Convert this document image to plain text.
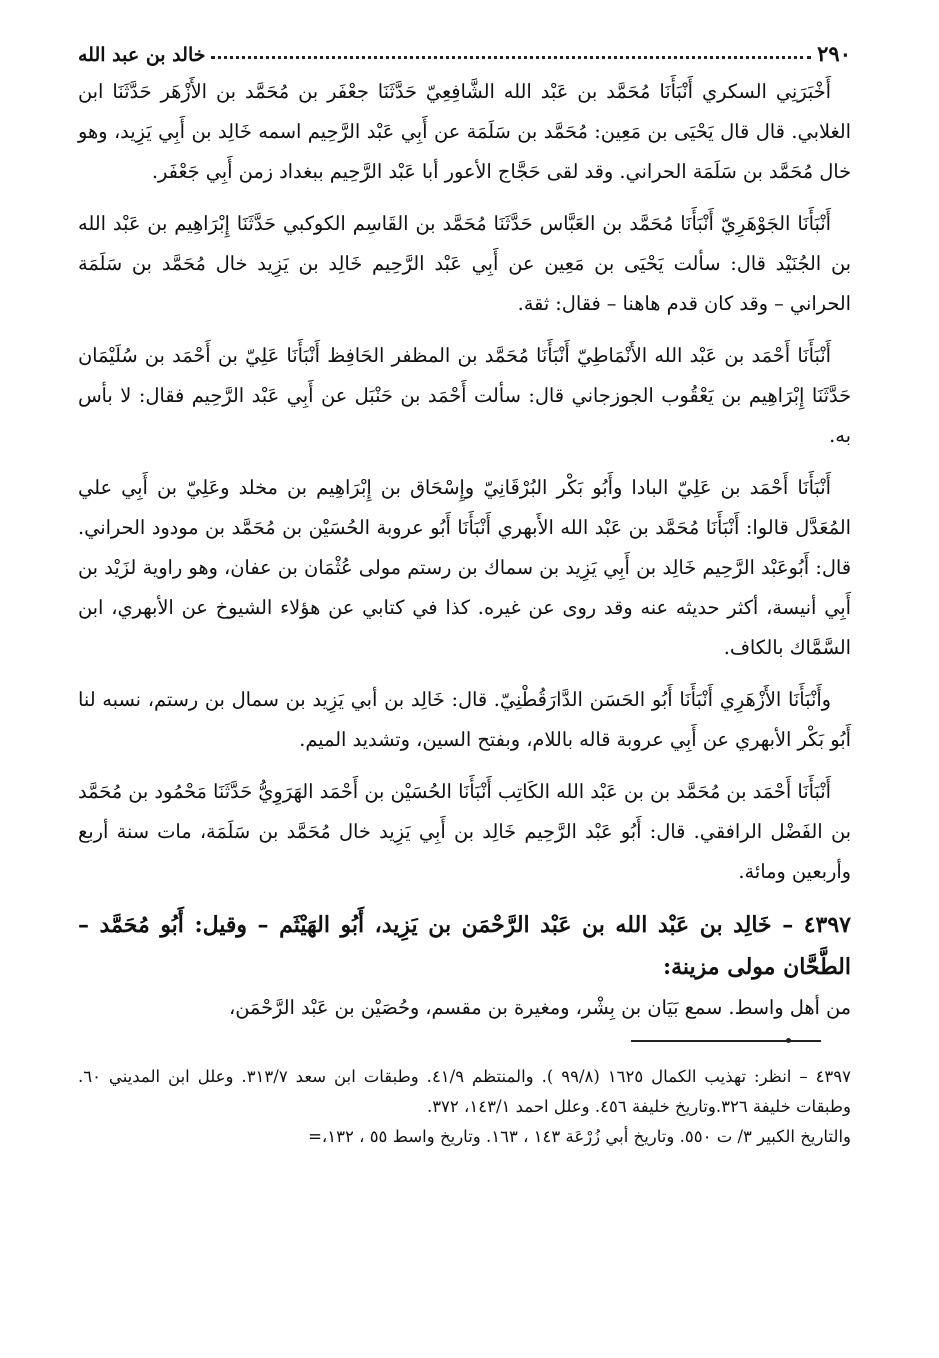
٢٩٠
خالد بن عبد الله

أَخْبَرَنِي السكري أَنْبَأَنَا مُحَمَّد بن عَبْد الله الشَّافِعِيّ حَدَّثَنَا جعْفَر بن مُحَمَّد بن الأَزْهَر حَدَّثَنَا ابن الغلابي. قال قال يَحْيَى بن مَعِين: مُحَمَّد بن سَلَمَة عن أَبِي عَبْد الرَّحِيم اسمه خَالِد بن أَبِي يَزِيد، وهو خال مُحَمَّد بن سَلَمَة الحراني. وقد لقى حَجَّاج الأعور أبا عَبْد الرَّحِيم ببغداد زمن أَبِي جَعْفَر.

أَنْبَأَنَا الجَوْهَرِيّ أَنْبَأَنَا مُحَمَّد بن العَبَّاس حَدَّثَنَا مُحَمَّد بن القَاسِم الكوكبي حَدَّثَنَا إِبْرَاهِيم بن عَبْد الله بن الجُنَيْد قال: سألت يَحْيَى بن مَعِين عن أَبِي عَبْد الرَّحِيم خَالِد بن يَزِيد خال مُحَمَّد بن سَلَمَة الحراني – وقد كان قدم هاهنا – فقال: ثقة.

أَنْبَأَنَا أَحْمَد بن عَبْد الله الأَنْمَاطِيّ أَنْبَأَنَا مُحَمَّد بن المظفر الحَافِظ أَنْبَأَنَا عَلِيّ بن أَحْمَد بن سُلَيْمَان حَدَّثَنَا إِبْرَاهِيم بن يَعْقُوب الجوزجاني قال: سألت أَحْمَد بن حَنْبَل عن أَبِي عَبْد الرَّحِيم فقال: لا بأس به.

أَنْبَأَنَا أَحْمَد بن عَلِيّ البادا وأَبُو بَكْر البُرْقَانِيّ وإِسْحَاق بن إِبْرَاهِيم بن مخلد وعَلِيّ بن أَبِي علي المُعَدَّل قالوا: أَنْبَأَنَا مُحَمَّد بن عَبْد الله الأَبهري أَنْبَأَنَا أَبُو عروبة الحُسَيْن بن مُحَمَّد بن مودود الحراني. قال: أَبُوعَبْد الرَّحِيم خَالِد بن أَبِي يَزِيد بن سماك بن رستم مولى عُثْمَان بن عفان، وهو راوية لزَيْد بن أَبِي أنيسة، أكثر حديثه عنه وقد روى عن غيره. كذا في كتابي عن هؤلاء الشيوخ عن الأبهري، ابن السَّمَّاك بالكاف.

وأَنْبَأَنَا الأَزْهَرِي أَنْبَأَنَا أَبُو الحَسَن الدَّارَقُطْنِيّ. قال: خَالِد بن أبي يَزِيد بن سمال بن رستم، نسبه لنا أَبُو بَكْر الأبهري عن أَبِي عروبة قاله باللام، وبفتح السين، وتشديد الميم.

أَنْبَأَنَا أَحْمَد بن مُحَمَّد بن بن عَبْد الله الكَاتِب أَنْبَأَنَا الحُسَيْن بن أَحْمَد الهَرَوِيُّ حَدَّثَنَا مَحْمُود بن مُحَمَّد بن الفَضْل الرافقي. قال: أَبُو عَبْد الرَّحِيم خَالِد بن أَبِي يَزِيد خال مُحَمَّد بن سَلَمَة، مات سنة أربع وأربعين ومائة.

٤٣٩٧ – خَالِد بن عَبْد الله بن عَبْد الرَّحْمَن بن يَزِيد، أَبُو الهَيْثَم – وقيل: أَبُو مُحَمَّد – الطَّحَّان مولى مزينة:

من أهل واسط. سمع بَيَان بن بِشْر، ومغيرة بن مقسم، وحُصَيْن بن عَبْد الرَّحْمَن،

٤٣٩٧ – انظر: تهذيب الكمال ١٦٢٥ (٩٩/٨ ). والمنتظم ٤١/٩. وطبقات ابن سعد ٣١٣/٧. وعلل ابن المديني ٦٠. وطبقات خليفة ٣٢٦.وتاريخ خليفة ٤٥٦. وعلل احمد ١٤٣/١، ٣٧٢.

والتاريخ الكبير ٣/ ت ٥٥٠. وتاريخ أبي زُرْعَة ١٤٣ ، ١٦٣. وتاريخ واسط ٥٥ ، ١٣٢،=
